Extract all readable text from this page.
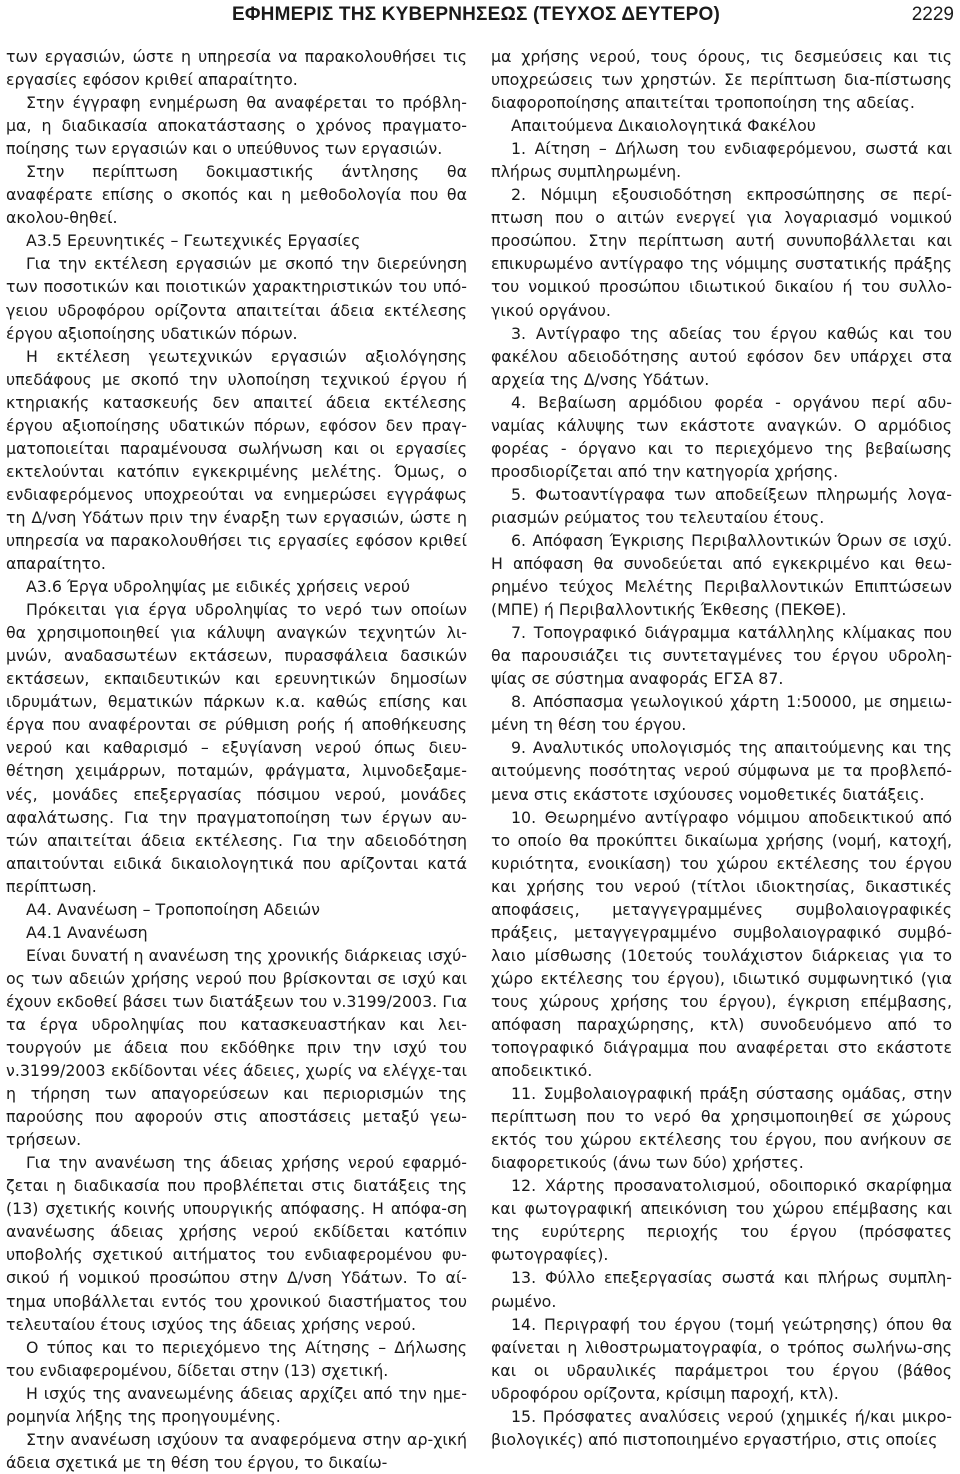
ΕΦΗΜΕΡΙΣ ΤΗΣ ΚΥΒΕΡΝΗΣΕΩΣ (ΤΕΥΧΟΣ ΔΕΥΤΕΡΟ)	2229

των εργασιών, ώστε η υπηρεσία να παρακολουθήσει τις εργασίες εφόσον κριθεί απαραίτητο.

Στην έγγραφη ενημέρωση θα αναφέρεται το πρόβλη-μα, η διαδικασία αποκατάστασης ο χρόνος πραγματο-ποίησης των εργασιών και ο υπεύθυνος των εργασιών.

Στην περίπτωση δοκιμαστικής άντλησης θα αναφέρατε επίσης ο σκοπός και η μεθοδολογία που θα ακολου-θηθεί.

Α3.5 Ερευνητικές – Γεωτεχνικές Εργασίες

Για την εκτέλεση εργασιών με σκοπό την διερεύνηση των ποσοτικών και ποιοτικών χαρακτηριστικών του υπό-γειου υδροφόρου ορίζοντα απαιτείται άδεια εκτέλεσης έργου αξιοποίησης υδατικών πόρων.

Η εκτέλεση γεωτεχνικών εργασιών αξιολόγησης υπεδάφους με σκοπό την υλοποίηση τεχνικού έργου ή κτηριακής κατασκευής δεν απαιτεί άδεια εκτέλεσης έργου αξιοποίησης υδατικών πόρων, εφόσον δεν πραγ-ματοποιείται παραμένουσα σωλήνωση και οι εργασίες εκτελούνται κατόπιν εγκεκριμένης μελέτης. Όμως, ο ενδιαφερόμενος υποχρεούται να ενημερώσει εγγράφως τη Δ/νση Υδάτων πριν την έναρξη των εργασιών, ώστε η υπηρεσία να παρακολουθήσει τις εργασίες εφόσον κριθεί απαραίτητο.

Α3.6 Έργα υδροληψίας με ειδικές χρήσεις νερού

Πρόκειται για έργα υδροληψίας το νερό των οποίων θα χρησιμοποιηθεί για κάλυψη αναγκών τεχνητών λι-μνών, αναδασωτέων εκτάσεων, πυρασφάλεια δασικών εκτάσεων, εκπαιδευτικών και ερευνητικών δημοσίων ιδρυμάτων, θεματικών πάρκων κ.α. καθώς επίσης και έργα που αναφέρονται σε ρύθμιση ροής ή αποθήκευσης νερού και καθαρισμό – εξυγίανση νερού όπως διευ-θέτηση χειμάρρων, ποταμών, φράγματα, λιμνοδεξαμε-νές, μονάδες επεξεργασίας πόσιμου νερού, μονάδες αφαλάτωσης. Για την πραγματοποίηση των έργων αυ-τών απαιτείται άδεια εκτέλεσης. Για την αδειοδότηση απαιτούνται ειδικά δικαιολογητικά που αρίζονται κατά περίπτωση.

Α4. Ανανέωση – Τροποποίηση Αδειών

Α4.1 Ανανέωση

Είναι δυνατή η ανανέωση της χρονικής διάρκειας ισχύ-ος των αδειών χρήσης νερού που βρίσκονται σε ισχύ και έχουν εκδοθεί βάσει των διατάξεων του ν.3199/2003. Για τα έργα υδροληψίας που κατασκευαστήκαν και λει-τουργούν με άδεια που εκδόθηκε πριν την ισχύ του ν.3199/2003 εκδίδονται νέες άδειες, χωρίς να ελέγχε-ται η τήρηση των απαγορεύσεων και περιορισμών της παρούσης που αφορούν στις αποστάσεις μεταξύ γεω-τρήσεων.

Για την ανανέωση της άδειας χρήσης νερού εφαρμό-ζεται η διαδικασία που προβλέπεται στις διατάξεις της (13) σχετικής κοινής υπουργικής απόφασης. Η απόφα-ση ανανέωσης άδειας χρήσης νερού εκδίδεται κατόπιν υποβολής σχετικού αιτήματος του ενδιαφερομένου φυ-σικού ή νομικού προσώπου στην Δ/νση Υδάτων. Το αί-τημα υποβάλλεται εντός του χρονικού διαστήματος του τελευταίου έτους ισχύος της άδειας χρήσης νερού.

Ο τύπος και το περιεχόμενο της Αίτησης – Δήλωσης του ενδιαφερομένου, δίδεται στην (13) σχετική.

Η ισχύς της ανανεωμένης άδειας αρχίζει από την ημε-ρομηνία λήξης της προηγουμένης.

Στην ανανέωση ισχύουν τα αναφερόμενα στην αρ-χική άδεια σχετικά με τη θέση του έργου, το δικαίω-

μα χρήσης νερού, τους όρους, τις δεσμεύσεις και τις υποχρεώσεις των χρηστών. Σε περίπτωση δια-πίστωσης διαφοροποίησης απαιτείται τροποποίηση της αδείας.

Απαιτούμενα Δικαιολογητικά Φακέλου

1. Αίτηση – Δήλωση του ενδιαφερόμενου, σωστά και πλήρως συμπληρωμένη.

2. Νόμιμη εξουσιοδότηση εκπροσώπησης σε περί-πτωση που ο αιτών ενεργεί για λογαριασμό νομικού προσώπου. Στην περίπτωση αυτή συνυποβάλλεται και επικυρωμένο αντίγραφο της νόμιμης συστατικής πράξης του νομικού προσώπου ιδιωτικού δικαίου ή του συλλο-γικού οργάνου.

3. Αντίγραφο της αδείας του έργου καθώς και του φακέλου αδειοδότησης αυτού εφόσον δεν υπάρχει στα αρχεία της Δ/νσης Υδάτων.

4. Βεβαίωση αρμόδιου φορέα - οργάνου περί αδυ-ναμίας κάλυψης των εκάστοτε αναγκών. Ο αρμόδιος φορέας - όργανο και το περιεχόμενο της βεβαίωσης προσδιορίζεται από την κατηγορία χρήσης.

5. Φωτοαντίγραφα των αποδείξεων πληρωμής λογα-ριασμών ρεύματος του τελευταίου έτους.

6. Απόφαση Έγκρισης Περιβαλλοντικών Όρων σε ισχύ. Η απόφαση θα συνοδεύεται από εγκεκριμένο και θεω-ρημένο τεύχος Μελέτης Περιβαλλοντικών Επιπτώσεων (ΜΠΕ) ή Περιβαλλοντικής Έκθεσης (ΠΕΚΘΕ).

7. Τοπογραφικό διάγραμμα κατάλληλης κλίμακας που θα παρουσιάζει τις συντεταγμένες του έργου υδρολη-ψίας σε σύστημα αναφοράς ΕΓΣΑ 87.

8. Απόσπασμα γεωλογικού χάρτη 1:50000, με σημειω-μένη τη θέση του έργου.

9. Αναλυτικός υπολογισμός της απαιτούμενης και της αιτούμενης ποσότητας νερού σύμφωνα με τα προβλεπό-μενα στις εκάστοτε ισχύουσες νομοθετικές διατάξεις.

10. Θεωρημένο αντίγραφο νόμιμου αποδεικτικού από το οποίο θα προκύπτει δικαίωμα χρήσης (νομή, κατοχή, κυριότητα, ενοικίαση) του χώρου εκτέλεσης του έργου και χρήσης του νερού (τίτλοι ιδιοκτησίας, δικαστικές αποφάσεις, μεταγγεγραμμένες συμβολαιογραφικές πράξεις, μεταγγεγραμμένο συμβολαιογραφικό συμβό-λαιο μίσθωσης (10ετούς τουλάχιστον διάρκειας για το χώρο εκτέλεσης του έργου), ιδιωτικό συμφωνητικό (για τους χώρους χρήσης του έργου), έγκριση επέμβασης, απόφαση παραχώρησης, κτλ) συνοδευόμενο από το τοπογραφικό διάγραμμα που αναφέρεται στο εκάστοτε αποδεικτικό.

11. Συμβολαιογραφική πράξη σύστασης ομάδας, στην περίπτωση που το νερό θα χρησιμοποιηθεί σε χώρους εκτός του χώρου εκτέλεσης του έργου, που ανήκουν σε διαφορετικούς (άνω των δύο) χρήστες.

12. Χάρτης προσανατολισμού, οδοιπορικό σκαρίφημα και φωτογραφική απεικόνιση του χώρου επέμβασης και της ευρύτερης περιοχής του έργου (πρόσφατες φωτογραφίες).

13. Φύλλο επεξεργασίας σωστά και πλήρως συμπλη-ρωμένο.

14. Περιγραφή του έργου (τομή γεώτρησης) όπου θα φαίνεται η λιθοστρωματογραφία, ο τρόπος σωλήνω-σης και οι υδραυλικές παράμετροι του έργου (βάθος υδροφόρου ορίζοντα, κρίσιμη παροχή, κτλ).

15. Πρόσφατες αναλύσεις νερού (χημικές ή/και μικρο-βιολογικές) από πιστοποιημένο εργαστήριο, στις οποίες
